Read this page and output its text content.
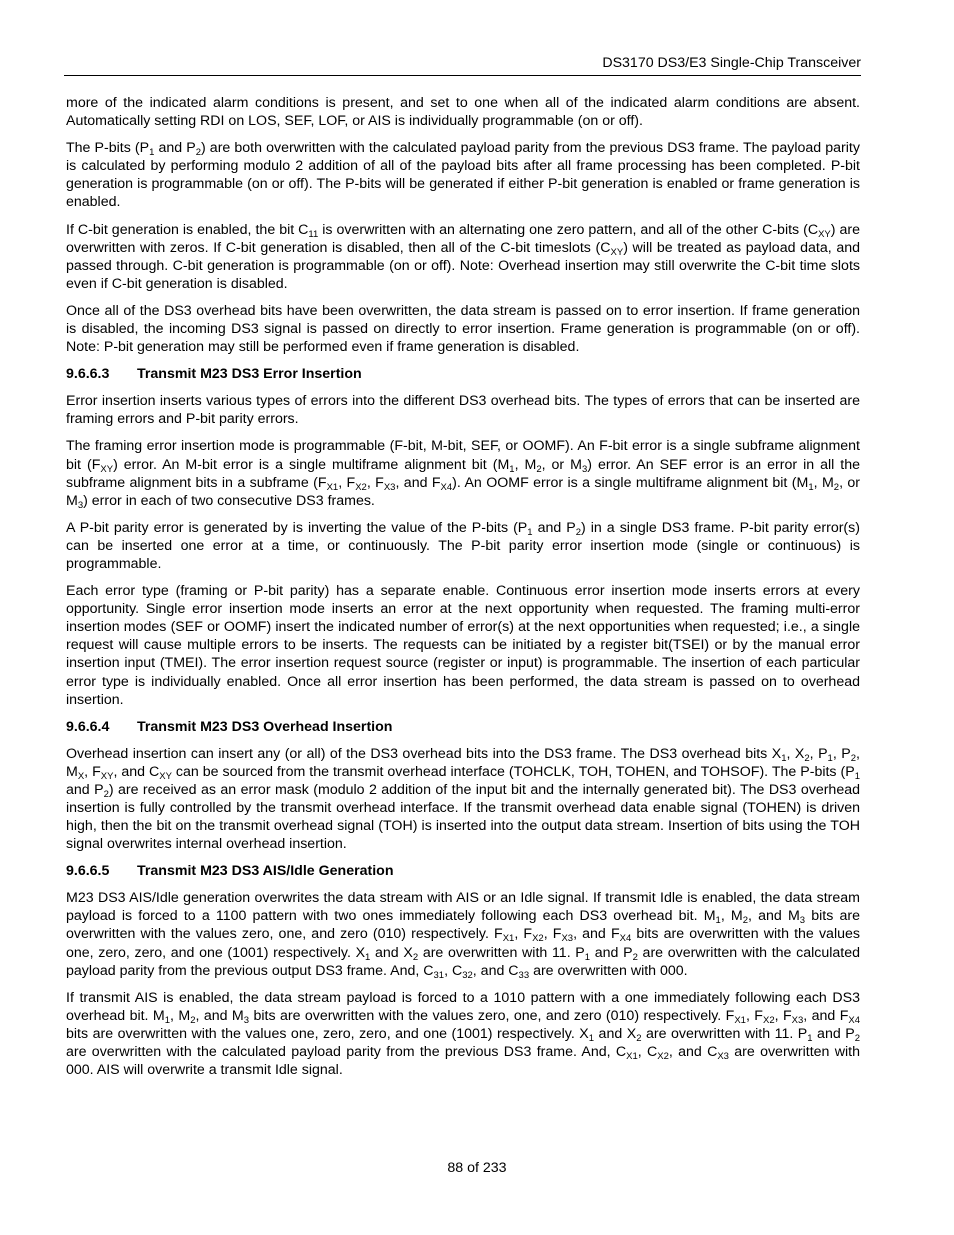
DS3170 DS3/E3 Single-Chip Transceiver

more of the indicated alarm conditions is present, and set to one when all of the indicated alarm conditions are absent. Automatically setting RDI on LOS, SEF, LOF, or AIS is individually programmable (on or off).

The P-bits ($P_1$ and $P_2$) are both overwritten with the calculated payload parity from the previous DS3 frame. The payload parity is calculated by performing modulo 2 addition of all of the payload bits after all frame processing has been completed. P-bit generation is programmable (on or off). The P-bits will be generated if either P-bit generation is enabled or frame generation is enabled.

If C-bit generation is enabled, the bit $C_{11}$ is overwritten with an alternating one zero pattern, and all of the other C-bits $(C_{XY})$ are overwritten with zeros. If C-bit generation is disabled, then all of the C-bit timeslots $(C_{XY})$ will be treated as payload data, and passed through. C-bit generation is programmable (on or off). Note: Overhead insertion may still overwrite the C-bit time slots even if C-bit generation is disabled.

Once all of the DS3 overhead bits have been overwritten, the data stream is passed on to error insertion. If frame generation is disabled, the incoming DS3 signal is passed on directly to error insertion. Frame generation is programmable (on or off). Note: P-bit generation may still be performed even if frame generation is disabled.

9.6.6.3 Transmit M23 DS3 Error Insertion

Error insertion inserts various types of errors into the different DS3 overhead bits. The types of errors that can be inserted are framing errors and P-bit parity errors.

The framing error insertion mode is programmable (F-bit, M-bit, SEF, or OOMF). An F-bit error is a single subframe alignment bit $(F_{XY})$ error. An M-bit error is a single multiframe alignment bit ($M_1$, $M_2$, or $M_3$) error. An SEF error is an error in all the subframe alignment bits in a subframe ($F_{X1}$, $F_{X2}$, $F_{X3}$, and $F_{X4}$). An OOMF error is a single multiframe alignment bit ($M_1$, $M_2$, or $M_3$) error in each of two consecutive DS3 frames.

A P-bit parity error is generated by is inverting the value of the P-bits ($P_1$ and $P_2$) in a single DS3 frame. P-bit parity error(s) can be inserted one error at a time, or continuously. The P-bit parity error insertion mode (single or continuous) is programmable.

Each error type (framing or P-bit parity) has a separate enable. Continuous error insertion mode inserts errors at every opportunity. Single error insertion mode inserts an error at the next opportunity when requested. The framing multi-error insertion modes (SEF or OOMF) insert the indicated number of error(s) at the next opportunities when requested; i.e., a single request will cause multiple errors to be inserts. The requests can be initiated by a register bit(TSEI) or by the manual error insertion input (TMEI). The error insertion request source (register or input) is programmable. The insertion of each particular error type is individually enabled. Once all error insertion has been performed, the data stream is passed on to overhead insertion.

9.6.6.4 Transmit M23 DS3 Overhead Insertion

Overhead insertion can insert any (or all) of the DS3 overhead bits into the DS3 frame. The DS3 overhead bits $X_1$, $X_2$, $P_1$, $P_2$, $M_X$, $F_{XY}$, and $C_{XY}$ can be sourced from the transmit overhead interface (TOHCLK, TOH, TOHEN, and TOHSOF). The P-bits ($P_1$ and $P_2$) are received as an error mask (modulo 2 addition of the input bit and the internally generated bit). The DS3 overhead insertion is fully controlled by the transmit overhead interface. If the transmit overhead data enable signal (TOHEN) is driven high, then the bit on the transmit overhead signal (TOH) is inserted into the output data stream. Insertion of bits using the TOH signal overwrites internal overhead insertion.

9.6.6.5 Transmit M23 DS3 AIS/Idle Generation

M23 DS3 AIS/Idle generation overwrites the data stream with AIS or an Idle signal. If transmit Idle is enabled, the data stream payload is forced to a 1100 pattern with two ones immediately following each DS3 overhead bit. $M_1$, $M_2$, and $M_3$ bits are overwritten with the values zero, one, and zero (010) respectively. $F_{X1}$, $F_{X2}$, $F_{X3}$, and $F_{X4}$ bits are overwritten with the values one, zero, zero, and one (1001) respectively. $X_1$ and $X_2$ are overwritten with 11. $P_1$ and $P_2$ are overwritten with the calculated payload parity from the previous output DS3 frame. And, $C_{31}$, $C_{32}$, and $C_{33}$ are overwritten with 000.

If transmit AIS is enabled, the data stream payload is forced to a 1010 pattern with a one immediately following each DS3 overhead bit. $M_1$, $M_2$, and $M_3$ bits are overwritten with the values zero, one, and zero (010) respectively. $F_{X1}$, $F_{X2}$, $F_{X3}$, and $F_{X4}$ bits are overwritten with the values one, zero, zero, and one (1001) respectively. $X_1$ and $X_2$ are overwritten with 11. $P_1$ and $P_2$ are overwritten with the calculated payload parity from the previous DS3 frame. And, $C_{X1}$, $C_{X2}$, and $C_{X3}$ are overwritten with 000. AIS will overwrite a transmit Idle signal.

88 of 233
